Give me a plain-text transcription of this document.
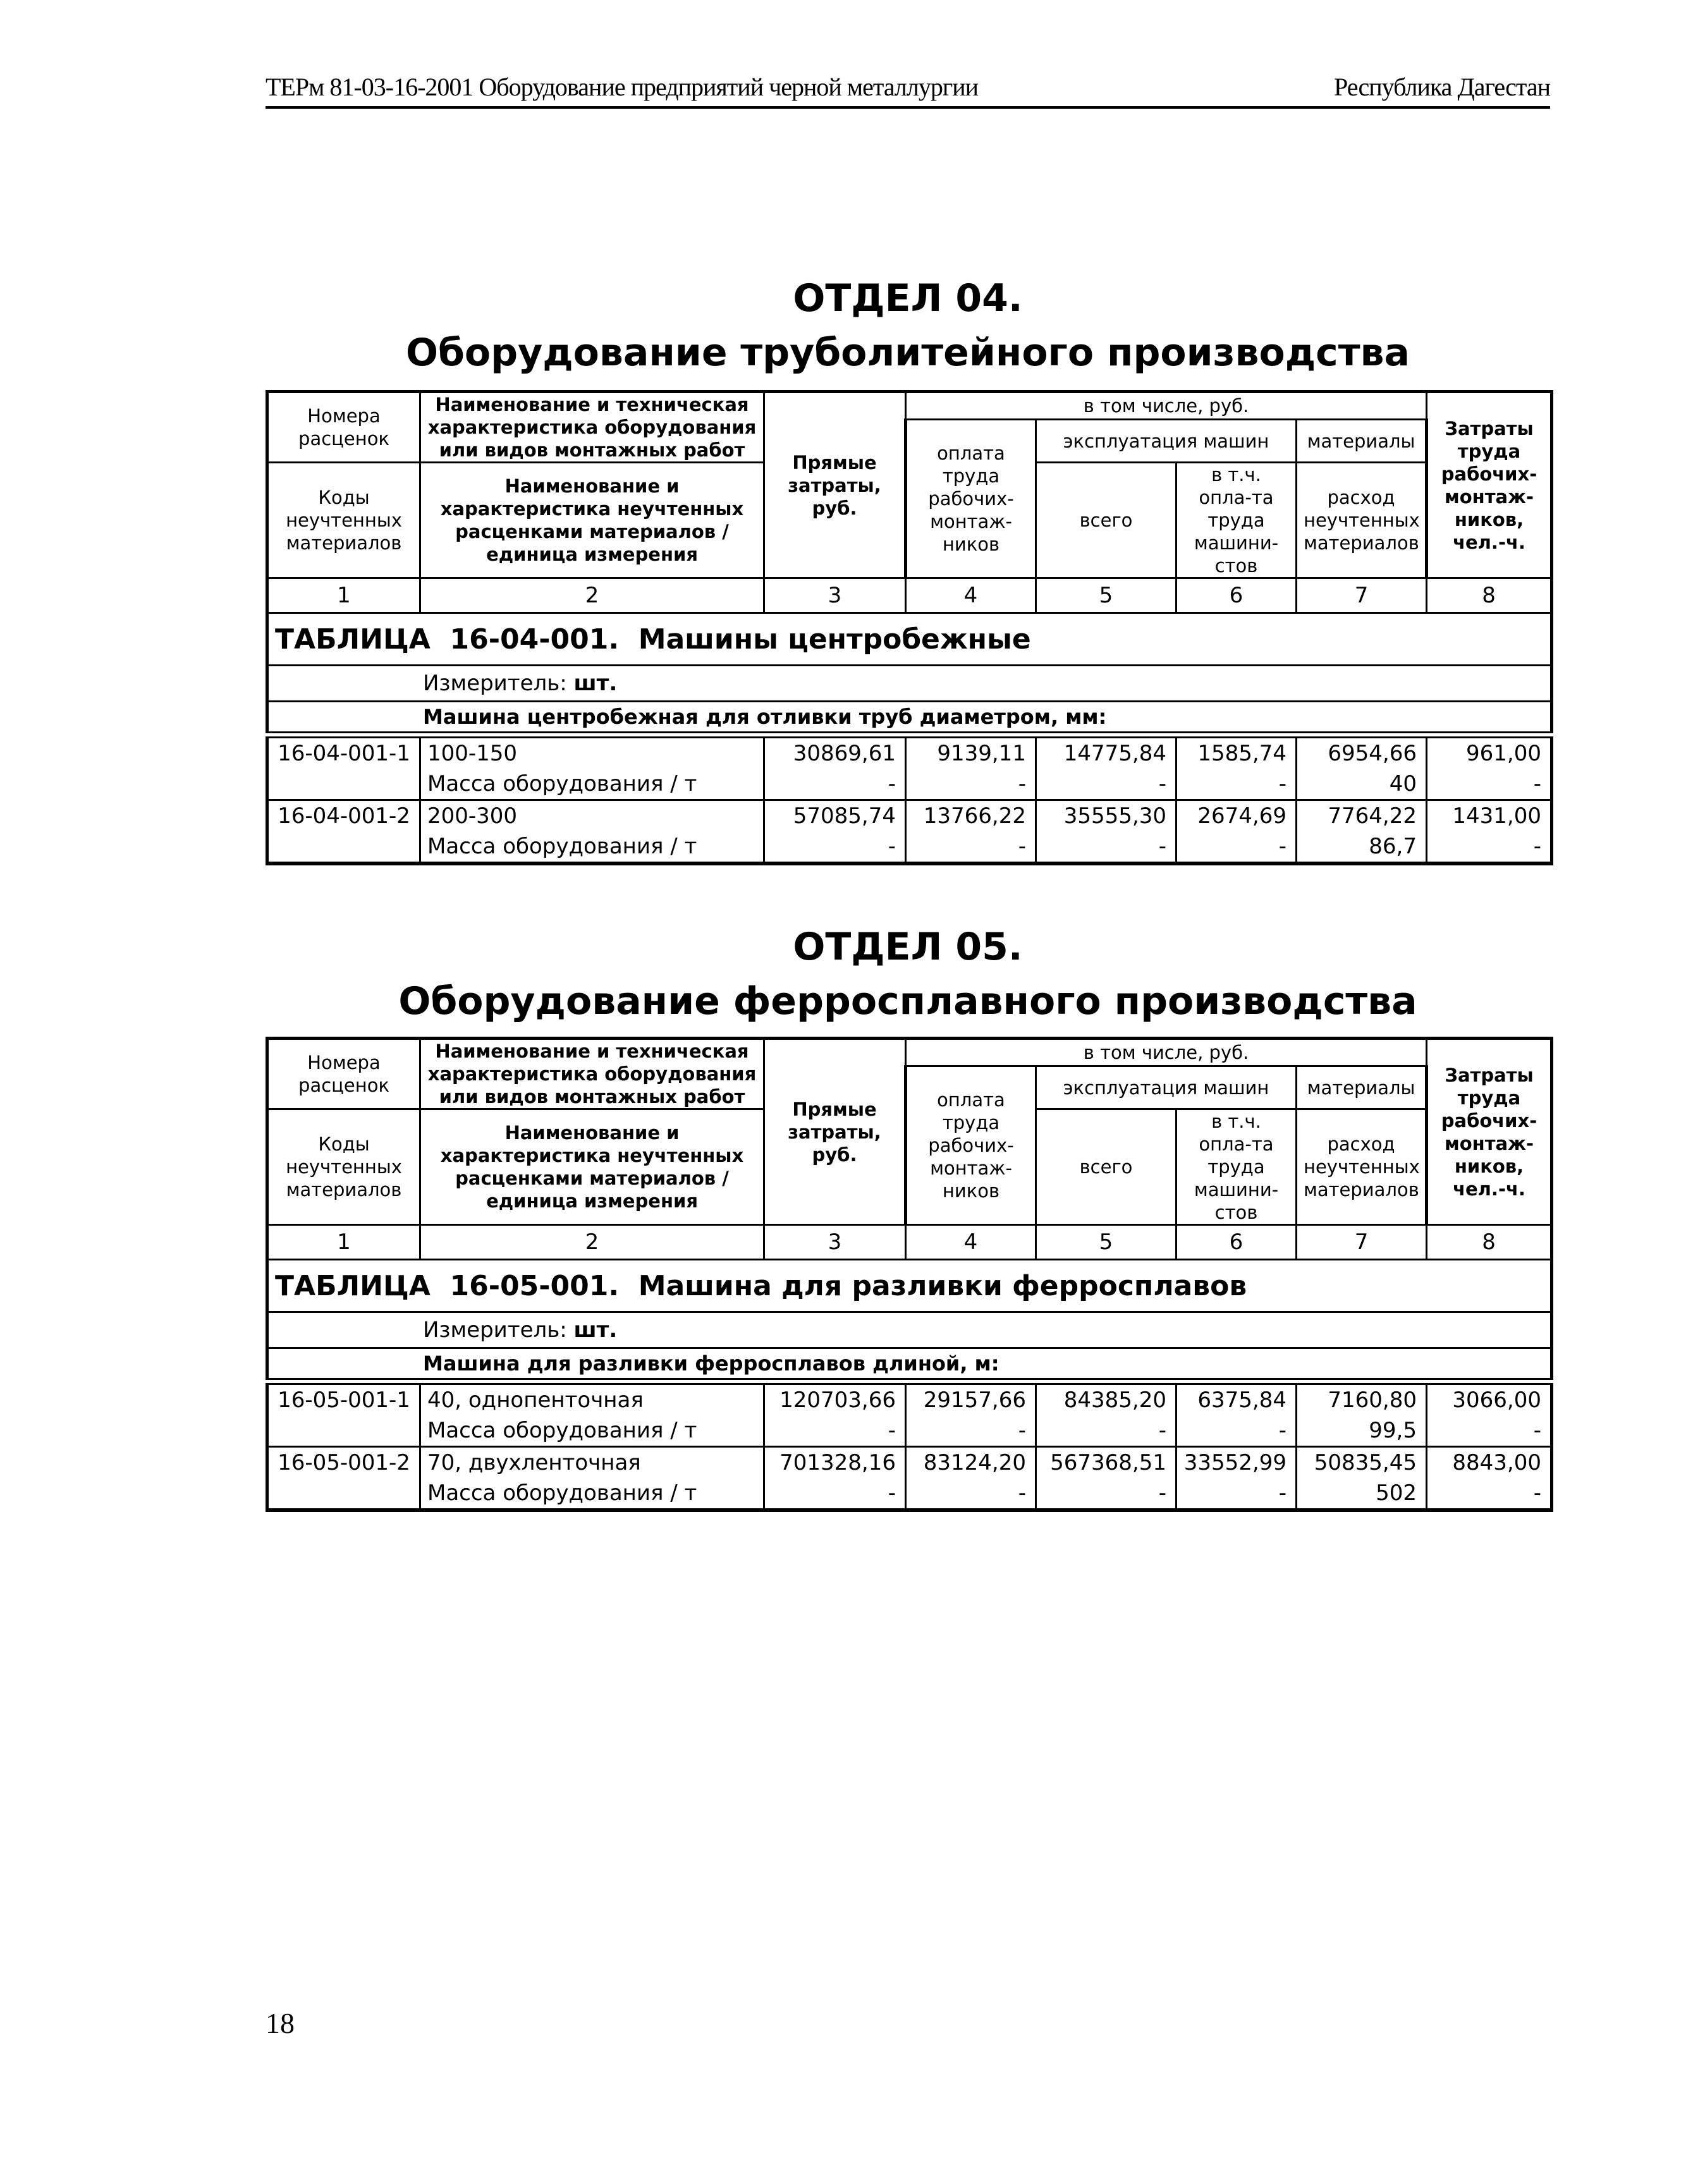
ТЕРм 81-03-16-2001 Оборудование предприятий черной металлургии	Республика Дагестан
ОТДЕЛ 04.
Оборудование труболитейного производства
Номера расценок	Наименование и техническая характеристика оборудования или видов монтажных работ	Прямые затраты, руб.	в том числе, руб.				Затраты труда рабочих-монтаж-ников, чел.-ч.
			оплата труда рабочих-монтаж-ников	эксплуатация машин		материалы	
Коды неучтенных материалов	Наименование и характеристика неучтенных расценками материалов / единица измерения			всего	в т.ч. опла-та труда машини-стов	расход неучтенных материалов	

1	2	3	4	5	6	7	8
ТАБЛИЦА 16-04-001. Машины центробежные							
Измеритель: шт.							
Машина центробежная для отливки труб диаметром, мм:							
16-04-001-1	100-150	30869,61	9139,11	14775,84	1585,74	6954,66	961,00
	Масса оборудования / т	-	-	-	-	40	-
16-04-001-2	200-300	57085,74	13766,22	35555,30	2674,69	7764,22	1431,00
	Масса оборудования / т	-	-	-	-	86,7	-
ОТДЕЛ 05.
Оборудование ферросплавного производства
Номера расценок	Наименование и техническая характеристика оборудования или видов монтажных работ	Прямые затраты, руб.	в том числе, руб.				Затраты труда рабочих-монтаж-ников, чел.-ч.
			оплата труда рабочих-монтаж-ников	эксплуатация машин		материалы	
Коды неучтенных материалов	Наименование и характеристика неучтенных расценками материалов / единица измерения			всего	в т.ч. опла-та труда машини-стов	расход неучтенных материалов	

1	2	3	4	5	6	7	8
ТАБЛИЦА 16-05-001. Машина для разливки ферросплавов							
Измеритель: шт.							
Машина для разливки ферросплавов длиной, м:							
16-05-001-1	40, однопенточная	120703,66	29157,66	84385,20	6375,84	7160,80	3066,00
	Масса оборудования / т	-	-	-	-	99,5	-
16-05-001-2	70, двухленточная	701328,16	83124,20	567368,51	33552,99	50835,45	8843,00
	Масса оборудования / т	-	-	-	-	502	-
18
